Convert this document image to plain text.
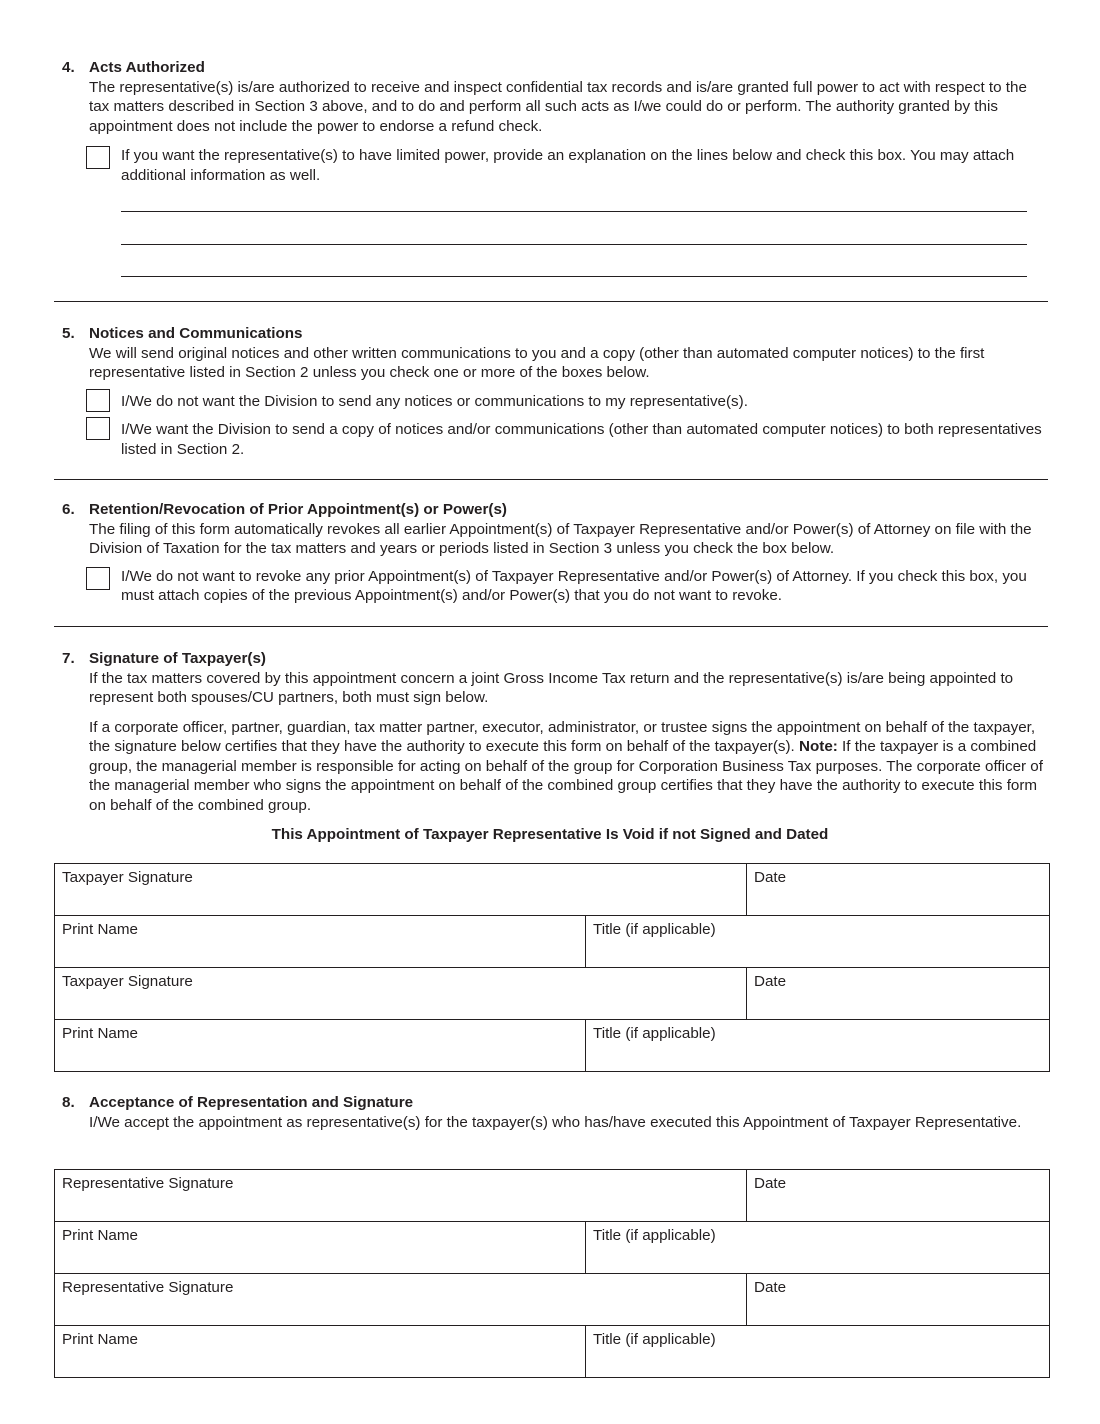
4. Acts Authorized

The representative(s) is/are authorized to receive and inspect confidential tax records and is/are granted full power to act with respect to the tax matters described in Section 3 above, and to do and perform all such acts as I/we could do or perform. The authority granted by this appointment does not include the power to endorse a refund check.

If you want the representative(s) to have limited power, provide an explanation on the lines below and check this box. You may attach additional information as well.
5. Notices and Communications

We will send original notices and other written communications to you and a copy (other than automated computer notices) to the first representative listed in Section 2 unless you check one or more of the boxes below.

I/We do not want the Division to send any notices or communications to my representative(s).
I/We want the Division to send a copy of notices and/or communications (other than automated computer notices) to both representatives listed in Section 2.
6. Retention/Revocation of Prior Appointment(s) or Power(s)

The filing of this form automatically revokes all earlier Appointment(s) of Taxpayer Representative and/or Power(s) of Attorney on file with the Division of Taxation for the tax matters and years or periods listed in Section 3 unless you check the box below.

I/We do not want to revoke any prior Appointment(s) of Taxpayer Representative and/or Power(s) of Attorney. If you check this box, you must attach copies of the previous Appointment(s) and/or Power(s) that you do not want to revoke.
7. Signature of Taxpayer(s)

If the tax matters covered by this appointment concern a joint Gross Income Tax return and the representative(s) is/are being appointed to represent both spouses/CU partners, both must sign below.

If a corporate officer, partner, guardian, tax matter partner, executor, administrator, or trustee signs the appointment on behalf of the taxpayer, the signature below certifies that they have the authority to execute this form on behalf of the taxpayer(s). Note: If the taxpayer is a combined group, the managerial member is responsible for acting on behalf of the group for Corporation Business Tax purposes. The corporate officer of the managerial member who signs the appointment on behalf of the combined group certifies that they have the authority to execute this form on behalf of the combined group.

This Appointment of Taxpayer Representative Is Void if not Signed and Dated
Taxpayer Signature		Date
Print Name	Title (if applicable)	
Taxpayer Signature		Date
Print Name	Title (if applicable)	
8. Acceptance of Representation and Signature

I/We accept the appointment as representative(s) for the taxpayer(s) who has/have executed this Appointment of Taxpayer Representative.

Representative Signature		Date
Print Name	Title (if applicable)	
Representative Signature		Date
Print Name	Title (if applicable)	
